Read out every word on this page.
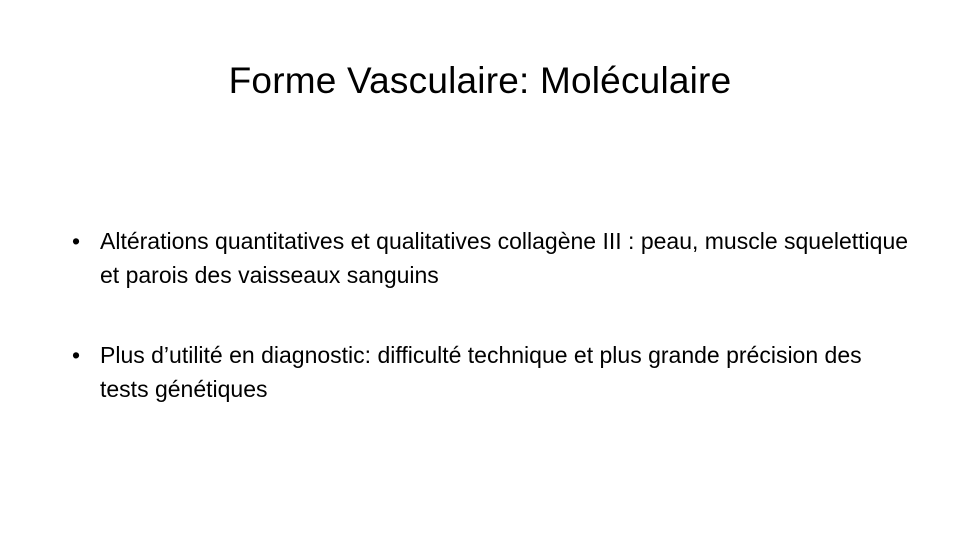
Forme Vasculaire: Moléculaire
• Altérations quantitatives et qualitatives collagène III : peau, muscle squelettique et parois des vaisseaux sanguins
• Plus d’utilité en diagnostic: difficulté technique et plus grande précision des tests génétiques
